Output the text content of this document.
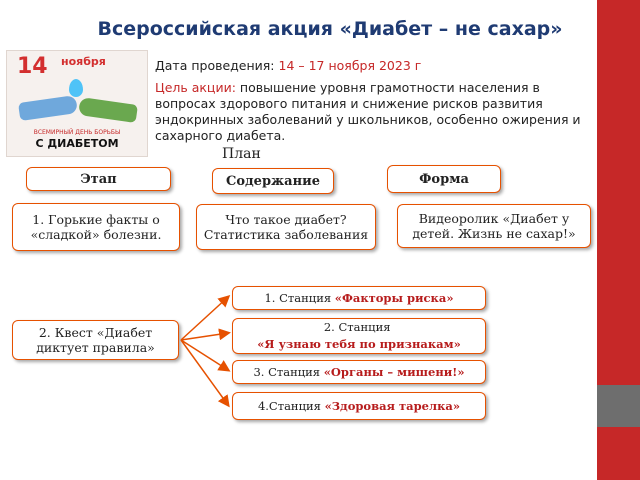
Всероссийская акция «Диабет – не сахар»
14 ноября
ВСЕМИРНЫЙ ДЕНЬ БОРЬБЫ
С ДИАБЕТОМ
Дата проведения: 14 – 17 ноября 2023 г
Цель акции: повышение уровня грамотности населения в вопросах здорового питания и снижение рисков развития эндокринных заболеваний у школьников, особенно ожирения и сахарного диабета.
План
Этап	Содержание	Форма
1. Горькие факты о «сладкой» болезни.
Что такое диабет? Статистика заболевания
Видеоролик «Диабет у детей. Жизнь не сахар!»
2. Квест «Диабет диктует правила»
1. Станция
«Факторы риска»
2. Станция

«Я узнаю тебя по признакам»
3. Станция
«Органы – мишени!»
4.Станция
«Здоровая тарелка»
